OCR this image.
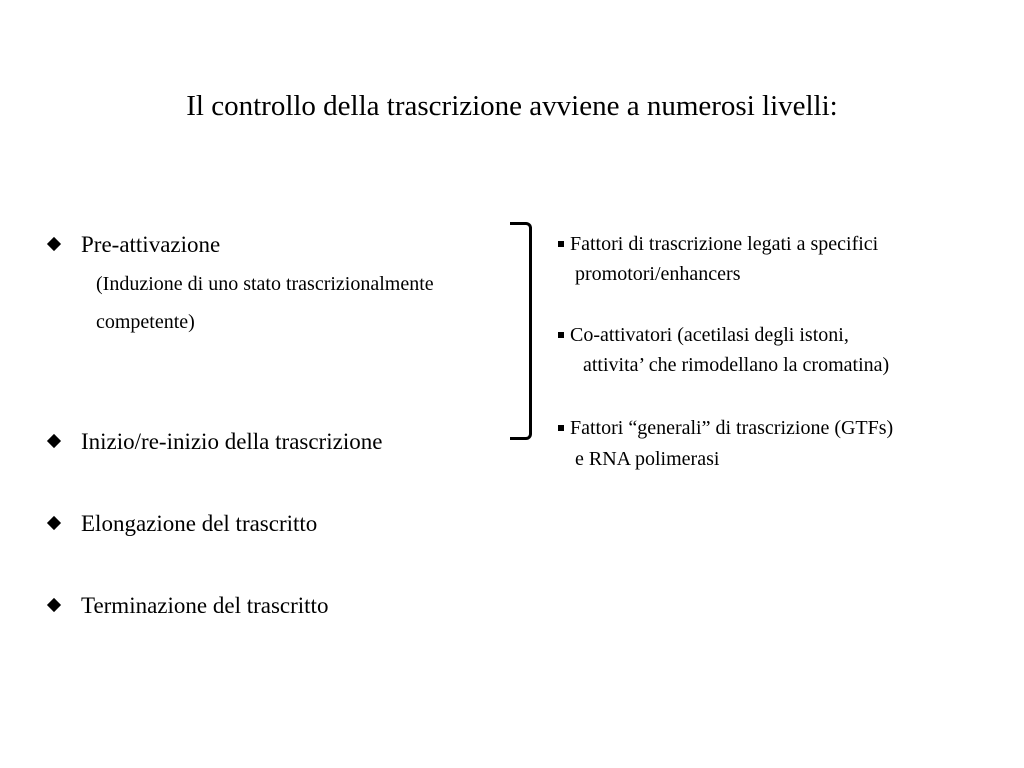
Il controllo della trascrizione avviene a numerosi livelli:
Pre-attivazione
(Induzione di uno stato trascrizionalmente
competente)
Inizio/re-inizio della trascrizione
Elongazione del trascritto
Terminazione del trascritto
Fattori di trascrizione legati a specifici
promotori/enhancers
Co-attivatori (acetilasi degli istoni,
attivita’ che rimodellano la cromatina)
Fattori “generali” di trascrizione (GTFs)
e RNA polimerasi
